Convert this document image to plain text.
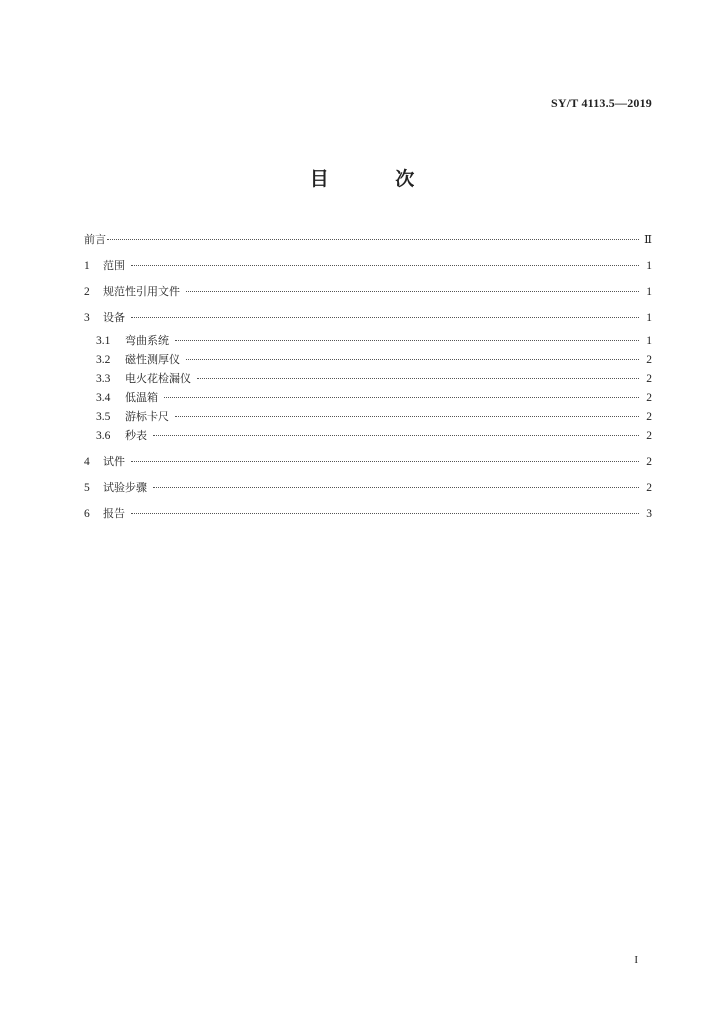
SY/T 4113.5—2019
目 次
前言	Ⅱ
1	范围	1
2	规范性引用文件	1
3	设备	1
3.1	弯曲系统	1
3.2	磁性测厚仪	2
3.3	电火花检漏仪	2
3.4	低温箱	2
3.5	游标卡尺	2
3.6	秒表	2
4	试件	2
5	试验步骤	2
6	报告	3
I
